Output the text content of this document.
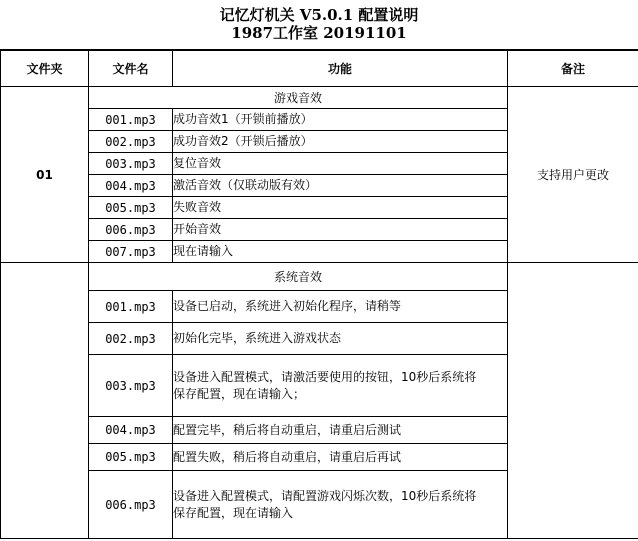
记忆灯机关 V5.0.1 配置说明
1987工作室 20191101
文件夹	文件名	功能	备注
01	游戏音效		支持用户更改
	001.mp3	成功音效1（开锁前播放）	
	002.mp3	成功音效2（开锁后播放）	
	003.mp3	复位音效	
	004.mp3	激活音效（仅联动版有效）	
	005.mp3	失败音效	
	006.mp3	开始音效	
	007.mp3	现在请输入	
	系统音效		
	001.mp3	设备已启动，系统进入初始化程序，请稍等	
	002.mp3	初始化完毕，系统进入游戏状态	
	003.mp3	设备进入配置模式，请激活要使用的按钮，10秒后系统将
保存配置，现在请输入；	

	004.mp3	配置完毕，稍后将自动重启，请重启后测试	
	005.mp3	配置失败，稍后将自动重启，请重启后再试	
	006.mp3	设备进入配置模式，请配置游戏闪烁次数，10秒后系统将
保存配置，现在请输入	
